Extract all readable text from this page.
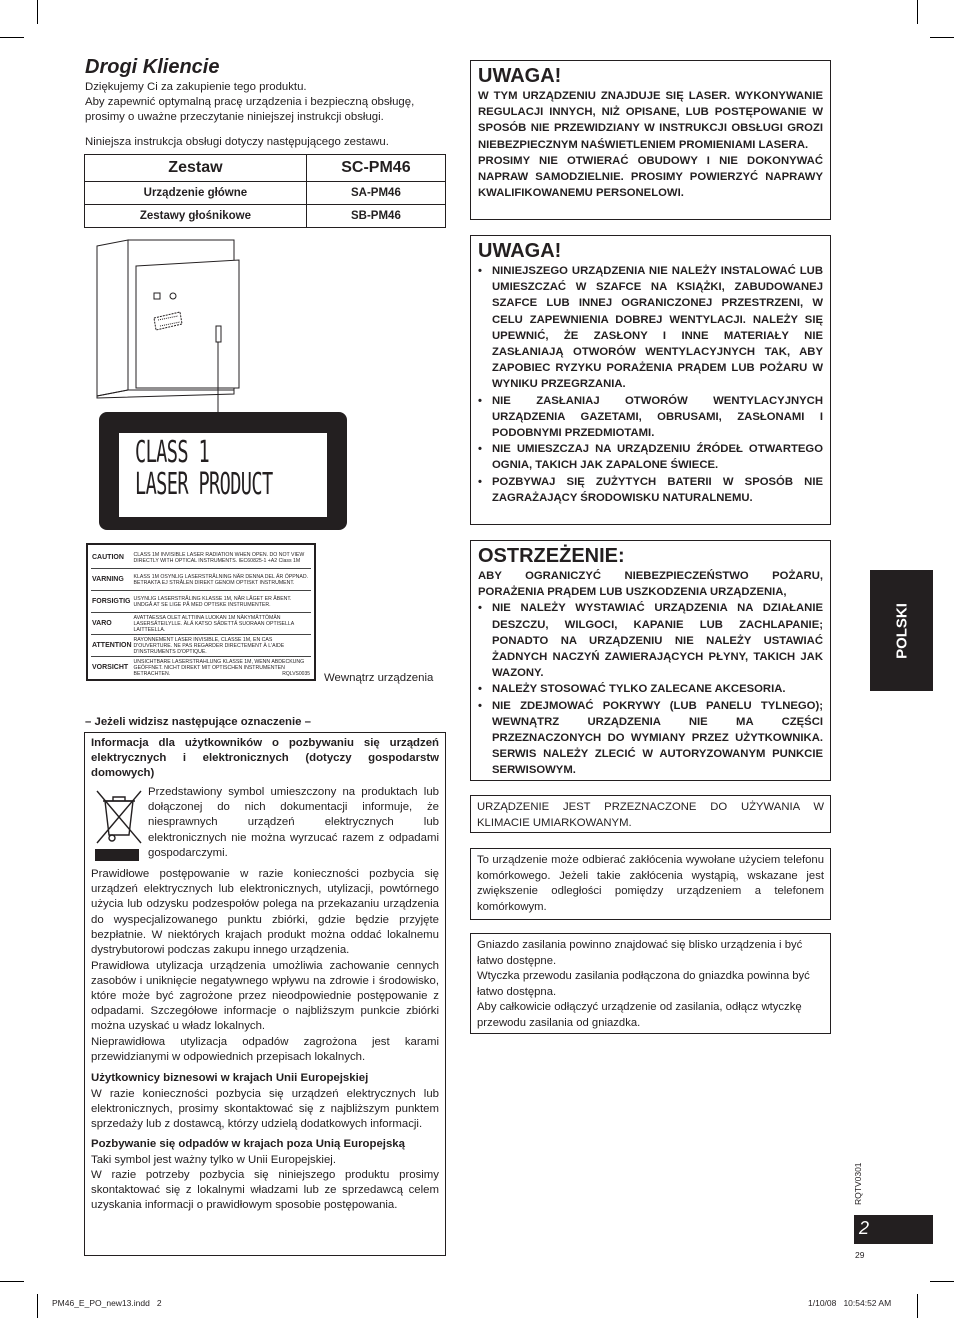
Drogi Kliencie
Dziękujemy Ci za zakupienie tego produktu.
Aby zapewnić optymalną pracę urządzenia i bezpieczną obsługę,
prosimy o uważne przeczytanie niniejszej instrukcji obsługi.
Niniejsza instrukcja obsługi dotyczy następującego zestawu.
Zestaw	SC-PM46
Urządzenie główne	SA-PM46
Zestawy głośnikowe	SB-PM46
CLASS 1
LASER PRODUCT
CAUTION	CLASS 1M INVISIBLE LASER RADIATION WHEN OPEN. DO NOT VIEW DIRECTLY WITH OPTICAL INSTRUMENTS. IEC60825-1 +A2 Class 1M
VARNING	KLASS 1M OSYNLIG LASERSTRÅLNING NÄR DENNA DEL ÄR ÖPPNAD. BETRAKTA EJ STRÅLEN DIREKT GENOM OPTISKT INSTRUMENT.
FORSIGTIG	USYNLIG LASERSTRÅLING KLASSE 1M, NÅR LÅGET ER ÅBENT. UNDGÅ AT SE LIGE PÅ MED OPTISKE INSTRUMENTER.
VARO	AVATTAESSA OLET ALTTIINA LUOKAN 1M NÄKYMÄTTÖMÄN LASERSÄTEILYLLE. ÄLÄ KATSO SÄDETTÄ SUORAAN OPTISELLA LAITTEELLA.
ATTENTION	RAYONNEMENT LASER INVISIBLE, CLASSE 1M, EN CAS D'OUVERTURE. NE PAS REGARDER DIRECTEMENT À L'AIDE D'INSTRUMENTS D'OPTIQUE.
VORSICHT	UNSICHTBARE LASERSTRAHLUNG KLASSE 1M, WENN ABDECKUNG GEÖFFNET. NICHT DIREKT MIT OPTISCHEN INSTRUMENTEN BETRACHTEN.	RQLVS0035 Wewnątrz urządzenia
– Jeżeli widzisz następujące oznaczenie –
Informacja dla użytkowników o pozbywaniu się urządzeń elektrycznych i elektronicznych (dotyczy gospodarstw domowych)
Przedstawiony symbol umieszczony na produktach lub dołączonej do nich dokumentacji informuje, że niesprawnych urządzeń elektrycznych lub elektronicznych nie można wyrzucać razem z odpadami gospodarczymi.
Prawidłowe postępowanie w razie konieczności pozbycia się urządzeń elektrycznych lub elektronicznych, utylizacji, powtórnego użycia lub odzysku podzespołów polega na przekazaniu urządzenia do wyspecjalizowanego punktu zbiórki, gdzie będzie przyjęte bezpłatnie. W niektórych krajach produkt można oddać lokalnemu dystrybutorowi podczas zakupu innego urządzenia.
Prawidłowa utylizacja urządzenia umożliwia zachowanie cennych zasobów i uniknięcie negatywnego wpływu na zdrowie i środowisko, które może być zagrożone przez nieodpowiednie postępowanie z odpadami. Szczegółowe informacje o najbliższym punkcie zbiórki można uzyskać u władz lokalnych.
Nieprawidłowa utylizacja odpadów zagrożona jest karami przewidzianymi w odpowiednich przepisach lokalnych.
Użytkownicy biznesowi w krajach Unii Europejskiej
W razie konieczności pozbycia się urządzeń elektrycznych lub elektronicznych, prosimy skontaktować się z najbliższym punktem sprzedaży lub z dostawcą, którzy udzielą dodatkowych informacji.
Pozbywanie się odpadów w krajach poza Unią Europejską
Taki symbol jest ważny tylko w Unii Europejskiej.
W razie potrzeby pozbycia się niniejszego produktu prosimy skontaktować się z lokalnymi władzami lub ze sprzedawcą celem uzyskania informacji o prawidłowym sposobie postępowania.
UWAGA!
W TYM URZĄDZENIU ZNAJDUJE SIĘ LASER. WYKONYWANIE REGULACJI INNYCH, NIŻ OPISANE, LUB POSTĘPOWANIE W SPOSÓB NIE PRZEWIDZIANY W INSTRUKCJI OBSŁUGI GROZI NIEBEZPIECZNYM NAŚWIETLENIEM PROMIENIAMI LASERA.
PROSIMY NIE OTWIERAĆ OBUDOWY I NIE DOKONYWAĆ NAPRAW SAMODZIELNIE. PROSIMY POWIERZYĆ NAPRAWY KWALIFIKOWANEMU PERSONELOWI.
UWAGA!
• NINIEJSZEGO URZĄDZENIA NIE NALEŻY INSTALOWAĆ LUB UMIESZCZAĆ W SZAFCE NA KSIĄŻKI, ZABUDOWANEJ SZAFCE LUB INNEJ OGRANICZONEJ PRZESTRZENI, W CELU ZAPEWNIENIA DOBREJ WENTYLACJI. NALEŻY SIĘ UPEWNIĆ, ŻE ZASŁONY I INNE MATERIAŁY NIE ZASŁANIAJĄ OTWORÓW WENTYLACYJNYCH TAK, ABY ZAPOBIEC RYZYKU PORAŻENIA PRĄDEM LUB POŻARU W WYNIKU PRZEGRZANIA.
• NIE ZASŁANIAJ OTWORÓW WENTYLACYJNYCH URZĄDZENIA GAZETAMI, OBRUSAMI, ZASŁONAMI I PODOBNYMI PRZEDMIOTAMI.
• NIE UMIESZCZAJ NA URZĄDZENIU ŹRÓDEŁ OTWARTEGO OGNIA, TAKICH JAK ZAPALONE ŚWIECE.
• POZBYWAJ SIĘ ZUŻYTYCH BATERII W SPOSÓB NIE ZAGRAŻAJĄCY ŚRODOWISKU NATURALNEMU.
OSTRZEŻENIE:
ABY OGRANICZYĆ NIEBEZPIECZEŃSTWO POŻARU, PORAŻENIA PRĄDEM LUB USZKODZENIA URZĄDZENIA,
• NIE NALEŻY WYSTAWIAĆ URZĄDZENIA NA DZIAŁANIE DESZCZU, WILGOCI, KAPANIE LUB ZACHLAPANIE; PONADTO NA URZĄDZENIU NIE NALEŻY USTAWIAĆ ŻADNYCH NACZYŃ ZAWIERAJĄCYCH PŁYNY, TAKICH JAK WAZONY.
• NALEŻY STOSOWAĆ TYLKO ZALECANE AKCESORIA.
• NIE ZDEJMOWAĆ POKRYWY (LUB PANELU TYLNEGO); WEWNĄTRZ URZĄDZENIA NIE MA CZĘŚCI PRZEZNACZONYCH DO WYMIANY PRZEZ UŻYTKOWNIKA. SERWIS NALEŻY ZLECIĆ W AUTORYZOWANYM PUNKCIE SERWISOWYM.
URZĄDZENIE JEST PRZEZNACZONE DO UŻYWANIA W KLIMACIE UMIARKOWANYM.
To urządzenie może odbierać zakłócenia wywołane użyciem telefonu komórkowego. Jeżeli takie zakłócenia wystąpią, wskazane jest zwiększenie odległości pomiędzy urządzeniem a telefonem komórkowym.
Gniazdo zasilania powinno znajdować się blisko urządzenia i być łatwo dostępne.
Wtyczka przewodu zasilania podłączona do gniazdka powinna być łatwo dostępna.
Aby całkowicie odłączyć urządzenie od zasilania, odłącz wtyczkę przewodu zasilania od gniazdka.
POLSKI
RQTV0301
2
29
PM46_E_PO_new13.indd   2	1/10/08   10:54:52 AM
